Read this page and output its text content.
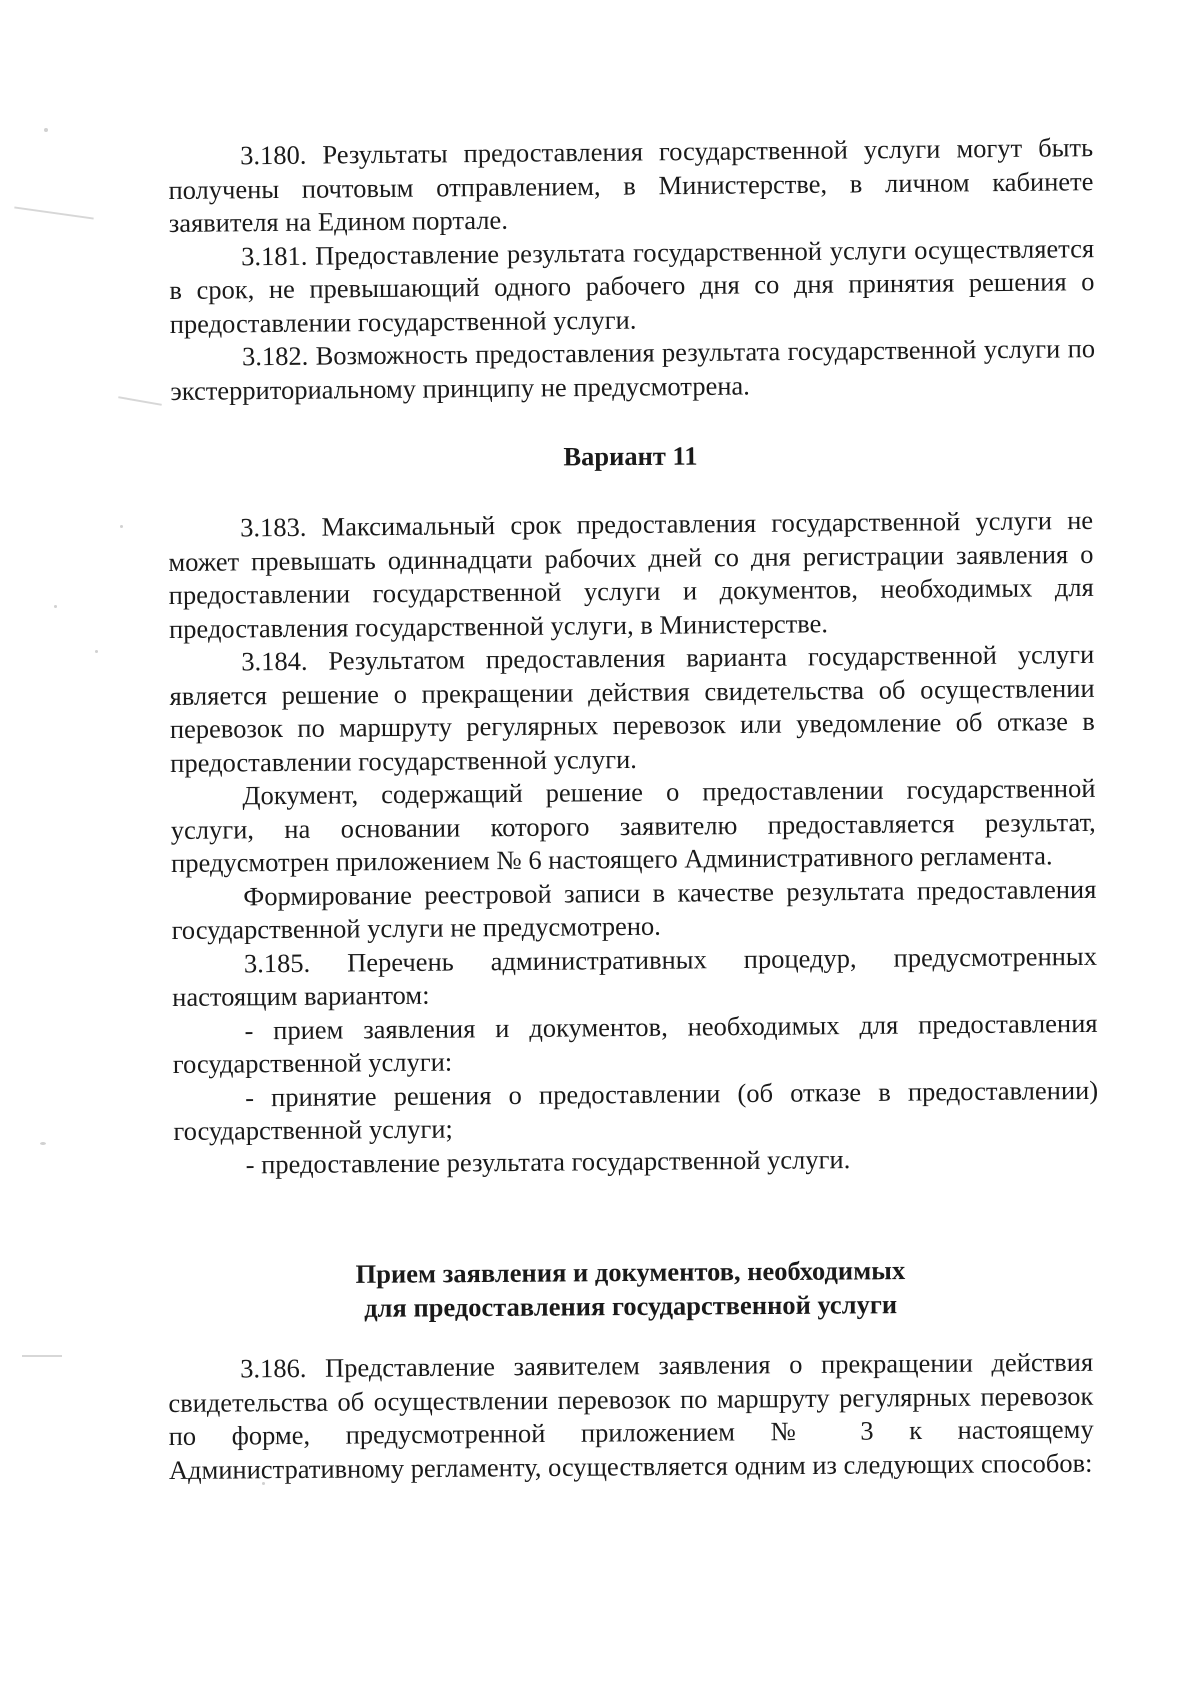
3.180. Результаты предоставления государственной услуги могут быть получены почтовым отправлением, в Министерстве, в личном кабинете заявителя на Едином портале.

3.181. Предоставление результата государственной услуги осуществляется в срок, не превышающий одного рабочего дня со дня принятия решения о предоставлении государственной услуги.

3.182. Возможность предоставления результата государственной услуги по экстерриториальному принципу не предусмотрена.

Вариант 11

3.183. Максимальный срок предоставления государственной услуги не может превышать одиннадцати рабочих дней со дня регистрации заявления о предоставлении государственной услуги и документов, необходимых для предоставления государственной услуги, в Министерстве.

3.184. Результатом предоставления варианта государственной услуги является решение о прекращении действия свидетельства об осуществлении перевозок по маршруту регулярных перевозок или уведомление об отказе в предоставлении государственной услуги.

Документ, содержащий решение о предоставлении государственной услуги, на основании которого заявителю предоставляется результат, предусмотрен приложением № 6 настоящего Административного регламента.

Формирование реестровой записи в качестве результата предоставления государственной услуги не предусмотрено.

3.185. Перечень административных процедур, предусмотренных настоящим вариантом:

- прием заявления и документов, необходимых для предоставления государственной услуги:

- принятие решения о предоставлении (об отказе в предоставлении) государственной услуги;

- предоставление результата государственной услуги.

Прием заявления и документов, необходимых
для предоставления государственной услуги

3.186. Представление заявителем заявления о прекращении действия свидетельства об осуществлении перевозок по маршруту регулярных перевозок по форме, предусмотренной приложением № 3 к настоящему Административному регламенту, осуществляется одним из следующих способов:
